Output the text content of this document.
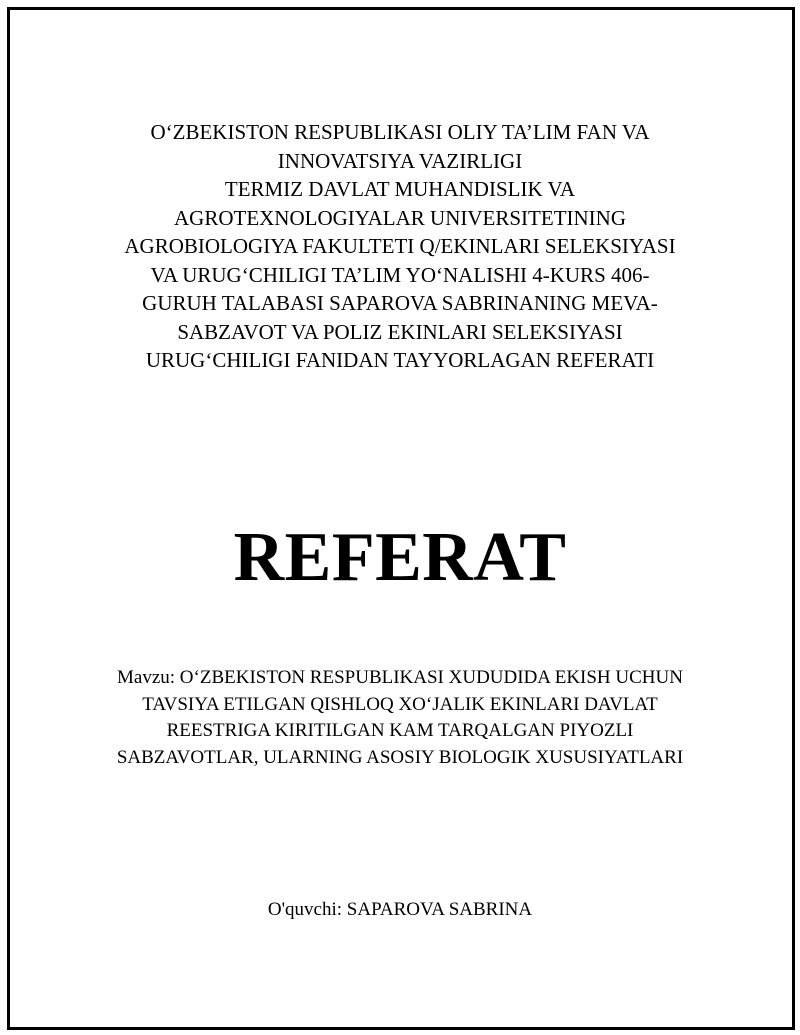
O‘ZBEKISTON RESPUBLIKASI OLIY TA’LIM FAN VA
INNOVATSIYA VAZIRLIGI
TERMIZ DAVLAT MUHANDISLIK VA
AGROTEXNOLOGIYALAR UNIVERSITETINING
AGROBIOLOGIYA FAKULTETI Q/EKINLARI SELEKSIYASI
VA URUG‘CHILIGI TA’LIM YO‘NALISHI 4-KURS 406-
GURUH TALABASI SAPAROVA SABRINANING MEVA-
SABZAVOT VA POLIZ EKINLARI SELEKSIYASI
URUG‘CHILIGI FANIDAN TAYYORLAGAN REFERATI
REFERAT
Mavzu: O‘ZBEKISTON RESPUBLIKASI XUDUDIDA EKISH UCHUN
TAVSIYA ETILGAN QISHLOQ XO‘JALIK EKINLARI DAVLAT
REESTRIGA KIRITILGAN KAM TARQALGAN PIYOZLI
SABZAVOTLAR, ULARNING ASOSIY BIOLOGIK XUSUSIYATLARI
O'quvchi: SAPAROVA SABRINA
